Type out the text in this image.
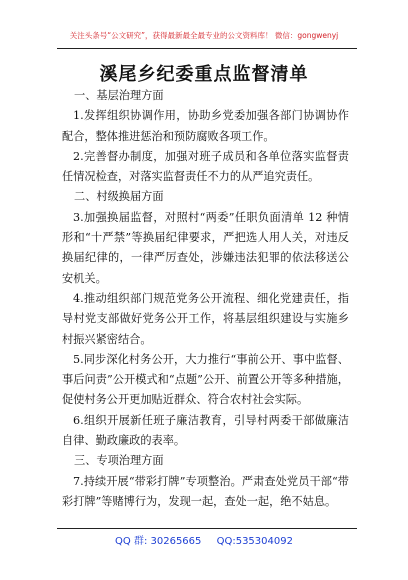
关注头条号“公文研究”，获得最新最全最专业的公文资料库！ 微信：gongwenyj
溪尾乡纪委重点监督清单

一、基层治理方面

1.发挥组织协调作用，协助乡党委加强各部门协调协作配合，整体推进惩治和预防腐败各项工作。

2.完善督办制度，加强对班子成员和各单位落实监督责任情况检查，对落实监督责任不力的从严追究责任。

二、村级换届方面

3.加强换届监督，对照村“两委”任职负面清单 12 种情形和“十严禁”等换届纪律要求，严把选人用人关，对违反换届纪律的，一律严厉查处，涉嫌违法犯罪的依法移送公安机关。

4.推动组织部门规范党务公开流程、细化党建责任，指导村党支部做好党务公开工作，将基层组织建设与实施乡村振兴紧密结合。

5.同步深化村务公开，大力推行“事前公开、事中监督、事后问责”公开模式和“点题”公开、前置公开等多种措施，促使村务公开更加贴近群众、符合农村社会实际。

6.组织开展新任班子廉洁教育，引导村两委干部做廉洁自律、勤政廉政的表率。

三、专项治理方面

7.持续开展“带彩打牌”专项整治。严肃查处党员干部“带彩打牌”等赌博行为，发现一起，查处一起，绝不姑息。

QQ 群: 30265665 QQ:535304092
